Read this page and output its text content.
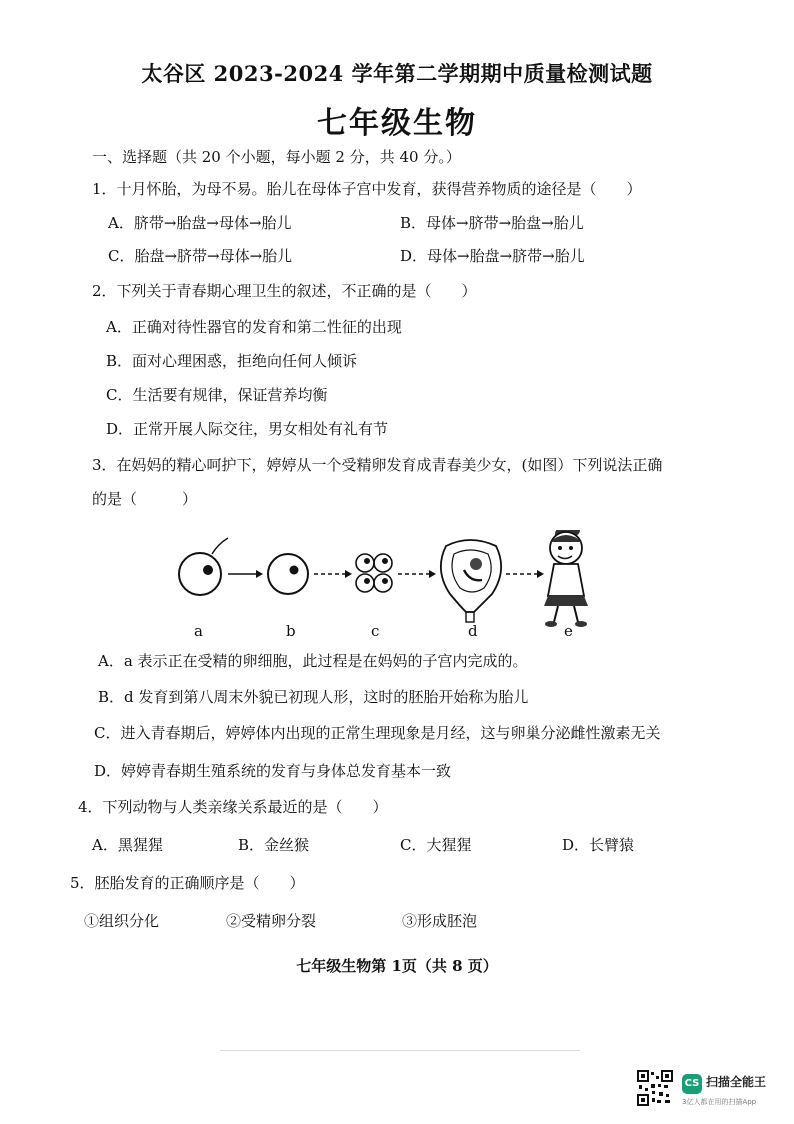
太谷区 2023-2024 学年第二学期期中质量检测试题
七年级生物
一、选择题（共 20 个小题，每小题 2 分，共 40 分。）
1．十月怀胎，为母不易。胎儿在母体子宫中发育，获得营养物质的途径是（　　）
A．脐带→胎盘→母体→胎儿	B．母体→脐带→胎盘→胎儿
C．胎盘→脐带→母体→胎儿	D．母体→胎盘→脐带→胎儿
2．下列关于青春期心理卫生的叙述，不正确的是（　　）
A．正确对待性器官的发育和第二性征的出现
B．面对心理困惑，拒绝向任何人倾诉
C．生活要有规律，保证营养均衡
D．正常开展人际交往，男女相处有礼有节
3．在妈妈的精心呵护下，婷婷从一个受精卵发育成青春美少女，(如图）下列说法正确
的是（　　　）
a	b	c	d	e
A．a 表示正在受精的卵细胞，此过程是在妈妈的子宫内完成的。
B．d 发育到第八周末外貌已初现人形，这时的胚胎开始称为胎儿
C．进入青春期后，婷婷体内出现的正常生理现象是月经，这与卵巢分泌雌性激素无关
D．婷婷青春期生殖系统的发育与身体总发育基本一致
4．下列动物与人类亲缘关系最近的是（　　）
A．黑猩猩	B．金丝猴	C．大猩猩	D．长臂猿
5．胚胎发育的正确顺序是（　　）
①组织分化	②受精卵分裂	③形成胚泡
七年级生物第 1页（共 8 页）
CS 扫描全能王
3亿人都在用的扫描App
